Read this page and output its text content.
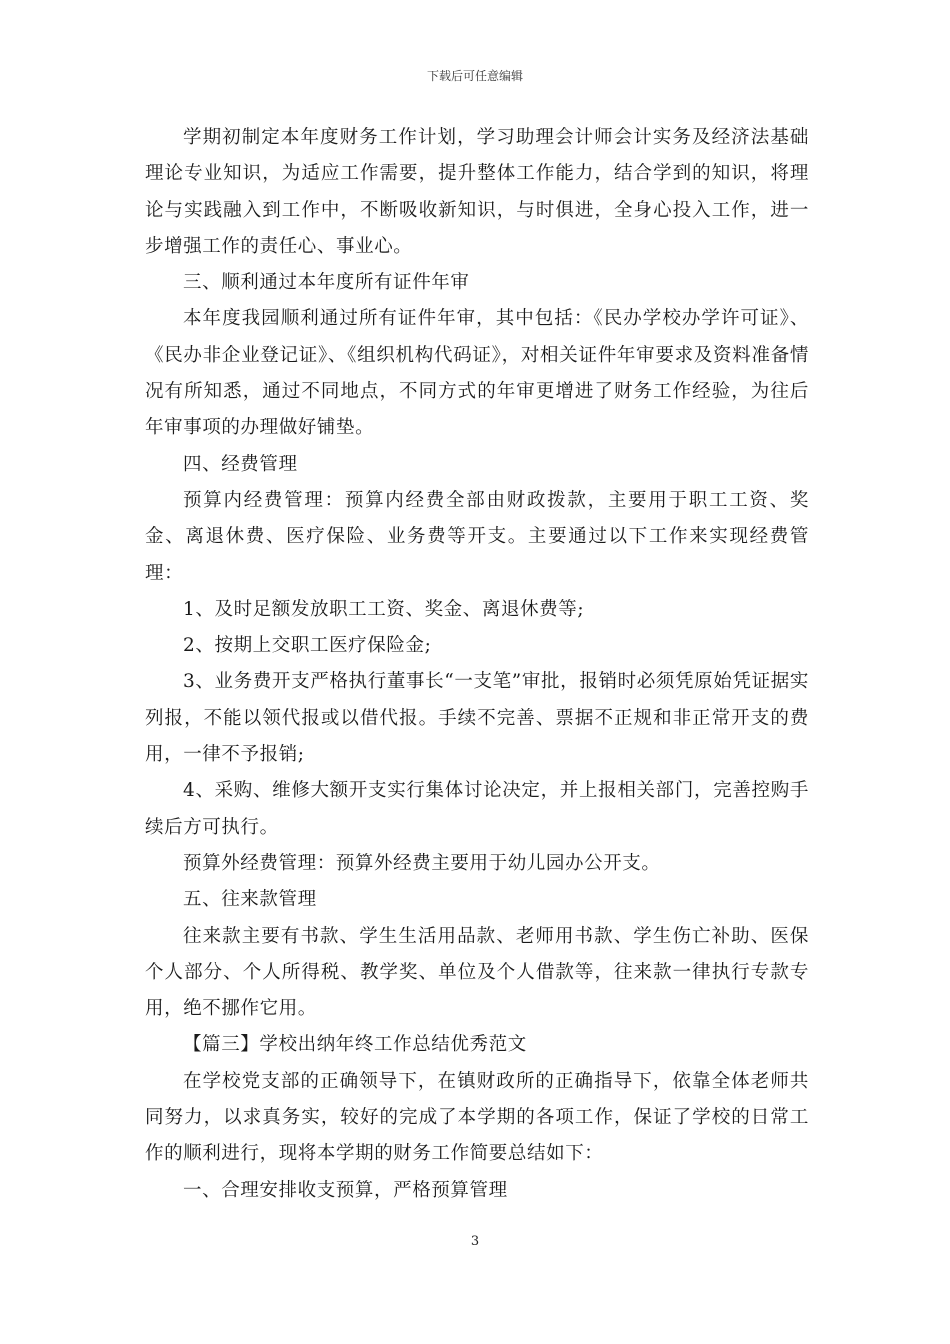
下载后可任意编辑

学期初制定本年度财务工作计划，学习助理会计师会计实务及经济法基础理论专业知识，为适应工作需要，提升整体工作能力，结合学到的知识，将理论与实践融入到工作中，不断吸收新知识，与时俱进，全身心投入工作，进一步增强工作的责任心、事业心。

三、顺利通过本年度所有证件年审

本年度我园顺利通过所有证件年审，其中包括：《民办学校办学许可证》、《民办非企业登记证》、《组织机构代码证》，对相关证件年审要求及资料准备情况有所知悉，通过不同地点，不同方式的年审更增进了财务工作经验，为往后年审事项的办理做好铺垫。

四、经费管理

预算内经费管理：预算内经费全部由财政拨款，主要用于职工工资、奖金、离退休费、医疗保险、业务费等开支。主要通过以下工作来实现经费管理：

1、及时足额发放职工工资、奖金、离退休费等;

2、按期上交职工医疗保险金;

3、业务费开支严格执行董事长“一支笔”审批，报销时必须凭原始凭证据实列报，不能以领代报或以借代报。手续不完善、票据不正规和非正常开支的费用，一律不予报销;

4、采购、维修大额开支实行集体讨论决定，并上报相关部门，完善控购手续后方可执行。

预算外经费管理：预算外经费主要用于幼儿园办公开支。

五、往来款管理

往来款主要有书款、学生生活用品款、老师用书款、学生伤亡补助、医保个人部分、个人所得税、教学奖、单位及个人借款等，往来款一律执行专款专用，绝不挪作它用。

【篇三】学校出纳年终工作总结优秀范文

在学校党支部的正确领导下，在镇财政所的正确指导下，依靠全体老师共同努力，以求真务实，较好的完成了本学期的各项工作，保证了学校的日常工作的顺利进行，现将本学期的财务工作简要总结如下：

一、合理安排收支预算，严格预算管理

3
